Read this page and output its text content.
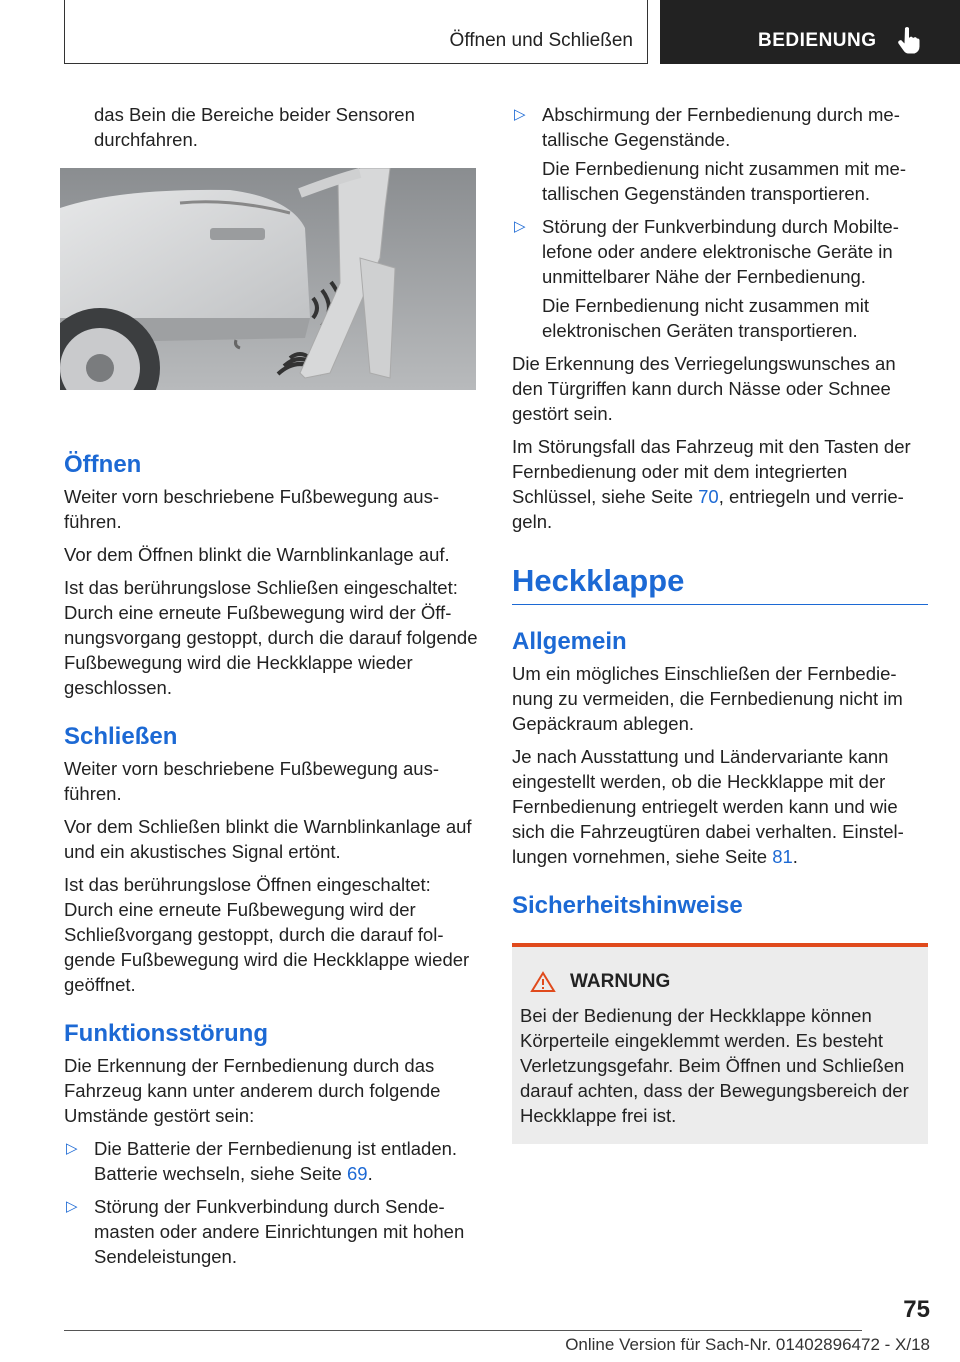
Öffnen und Schließen	BEDIENUNG

das Bein die Bereiche beider Sensoren durchfahren.

Öffnen

Weiter vorn beschriebene Fußbewegung ausführen.

Vor dem Öffnen blinkt die Warnblinkanlage auf.

Ist das berührungslose Schließen eingeschaltet: Durch eine erneute Fußbewegung wird der Öffnungsvorgang gestoppt, durch die darauf folgende Fußbewegung wird die Heckklappe wieder geschlossen.

Schließen

Weiter vorn beschriebene Fußbewegung ausführen.

Vor dem Schließen blinkt die Warnblinkanlage auf und ein akustisches Signal ertönt.

Ist das berührungslose Öffnen eingeschaltet: Durch eine erneute Fußbewegung wird der Schließvorgang gestoppt, durch die darauf folgende Fußbewegung wird die Heckklappe wieder geöffnet.

Funktionsstörung

Die Erkennung der Fernbedienung durch das Fahrzeug kann unter anderem durch folgende Umstände gestört sein:

▷ Die Batterie der Fernbedienung ist entladen. Batterie wechseln, siehe Seite 69.
▷ Störung der Funkverbindung durch Sendemasten oder andere Einrichtungen mit hohen Sendeleistungen.
▷ Abschirmung der Fernbedienung durch metallische Gegenstände.

Die Fernbedienung nicht zusammen mit metallischen Gegenständen transportieren.

▷ Störung der Funkverbindung durch Mobiltelefone oder andere elektronische Geräte in unmittelbarer Nähe der Fernbedienung.

Die Fernbedienung nicht zusammen mit elektronischen Geräten transportieren.

Die Erkennung des Verriegelungswunsches an den Türgriffen kann durch Nässe oder Schnee gestört sein.

Im Störungsfall das Fahrzeug mit den Tasten der Fernbedienung oder mit dem integrierten Schlüssel, siehe Seite 70, entriegeln und verriegeln.

Heckklappe

Allgemein

Um ein mögliches Einschließen der Fernbedienung zu vermeiden, die Fernbedienung nicht im Gepäckraum ablegen.

Je nach Ausstattung und Ländervariante kann eingestellt werden, ob die Heckklappe mit der Fernbedienung entriegelt werden kann und wie sich die Fahrzeugtüren dabei verhalten. Einstellungen vornehmen, siehe Seite 81.

Sicherheitshinweise

WARNUNG

Bei der Bedienung der Heckklappe können Körperteile eingeklemmt werden. Es besteht Verletzungsgefahr. Beim Öffnen und Schließen darauf achten, dass der Bewegungsbereich der Heckklappe frei ist.

75
Online Version für Sach-Nr. 01402896472 - X/18
